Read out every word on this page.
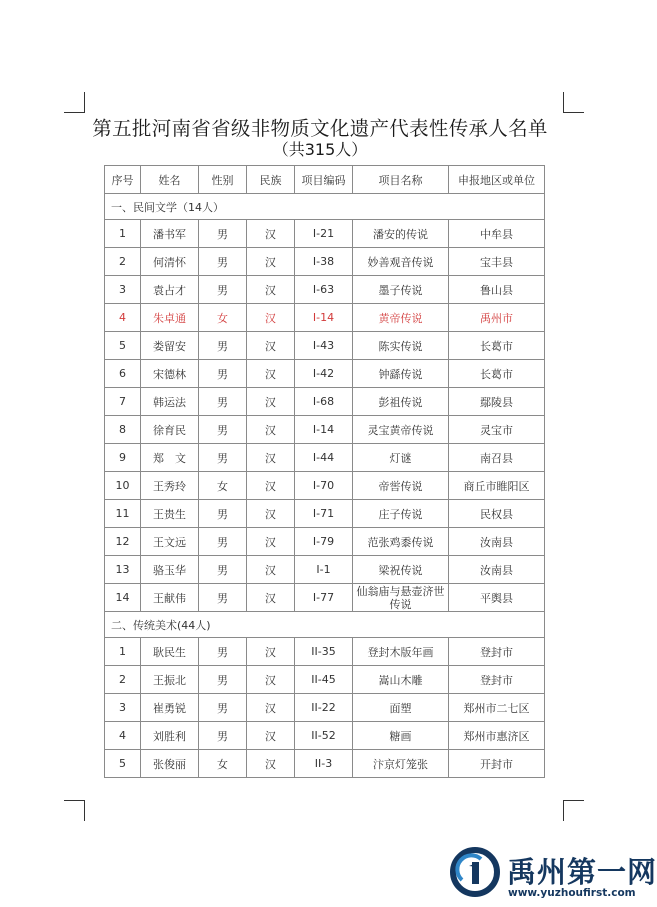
第五批河南省省级非物质文化遗产代表性传承人名单
（共315人）
序号	姓名	性别	民族	项目编码	项目名称	申报地区或单位
一、民间文学（14人）						
1	潘书军	男	汉	I-21	潘安的传说	中牟县
2	何清怀	男	汉	I-38	妙善观音传说	宝丰县
3	袁占才	男	汉	I-63	墨子传说	鲁山县
4	朱卓通	女	汉	I-14	黄帝传说	禹州市
5	娄留安	男	汉	I-43	陈实传说	长葛市
6	宋德林	男	汉	I-42	钟繇传说	长葛市
7	韩运法	男	汉	I-68	彭祖传说	鄢陵县
8	徐育民	男	汉	I-14	灵宝黄帝传说	灵宝市
9	郑　文	男	汉	I-44	灯谜	南召县
10	王秀玲	女	汉	I-70	帝喾传说	商丘市睢阳区
11	王贵生	男	汉	I-71	庄子传说	民权县
12	王文远	男	汉	I-79	范张鸡黍传说	汝南县
13	骆玉华	男	汉	I-1	梁祝传说	汝南县
14	王献伟	男	汉	I-77	仙翁庙与悬壶济世传说	平舆县
二、传统美术(44人)						
1	耿民生	男	汉	II-35	登封木版年画	登封市
2	王振北	男	汉	II-45	嵩山木雕	登封市
3	崔勇锐	男	汉	II-22	面塑	郑州市二七区
4	刘胜利	男	汉	II-52	糖画	郑州市惠济区
5	张俊丽	女	汉	II-3	汴京灯笼张	开封市
禹州第一网
www.yuzhoufirst.com
